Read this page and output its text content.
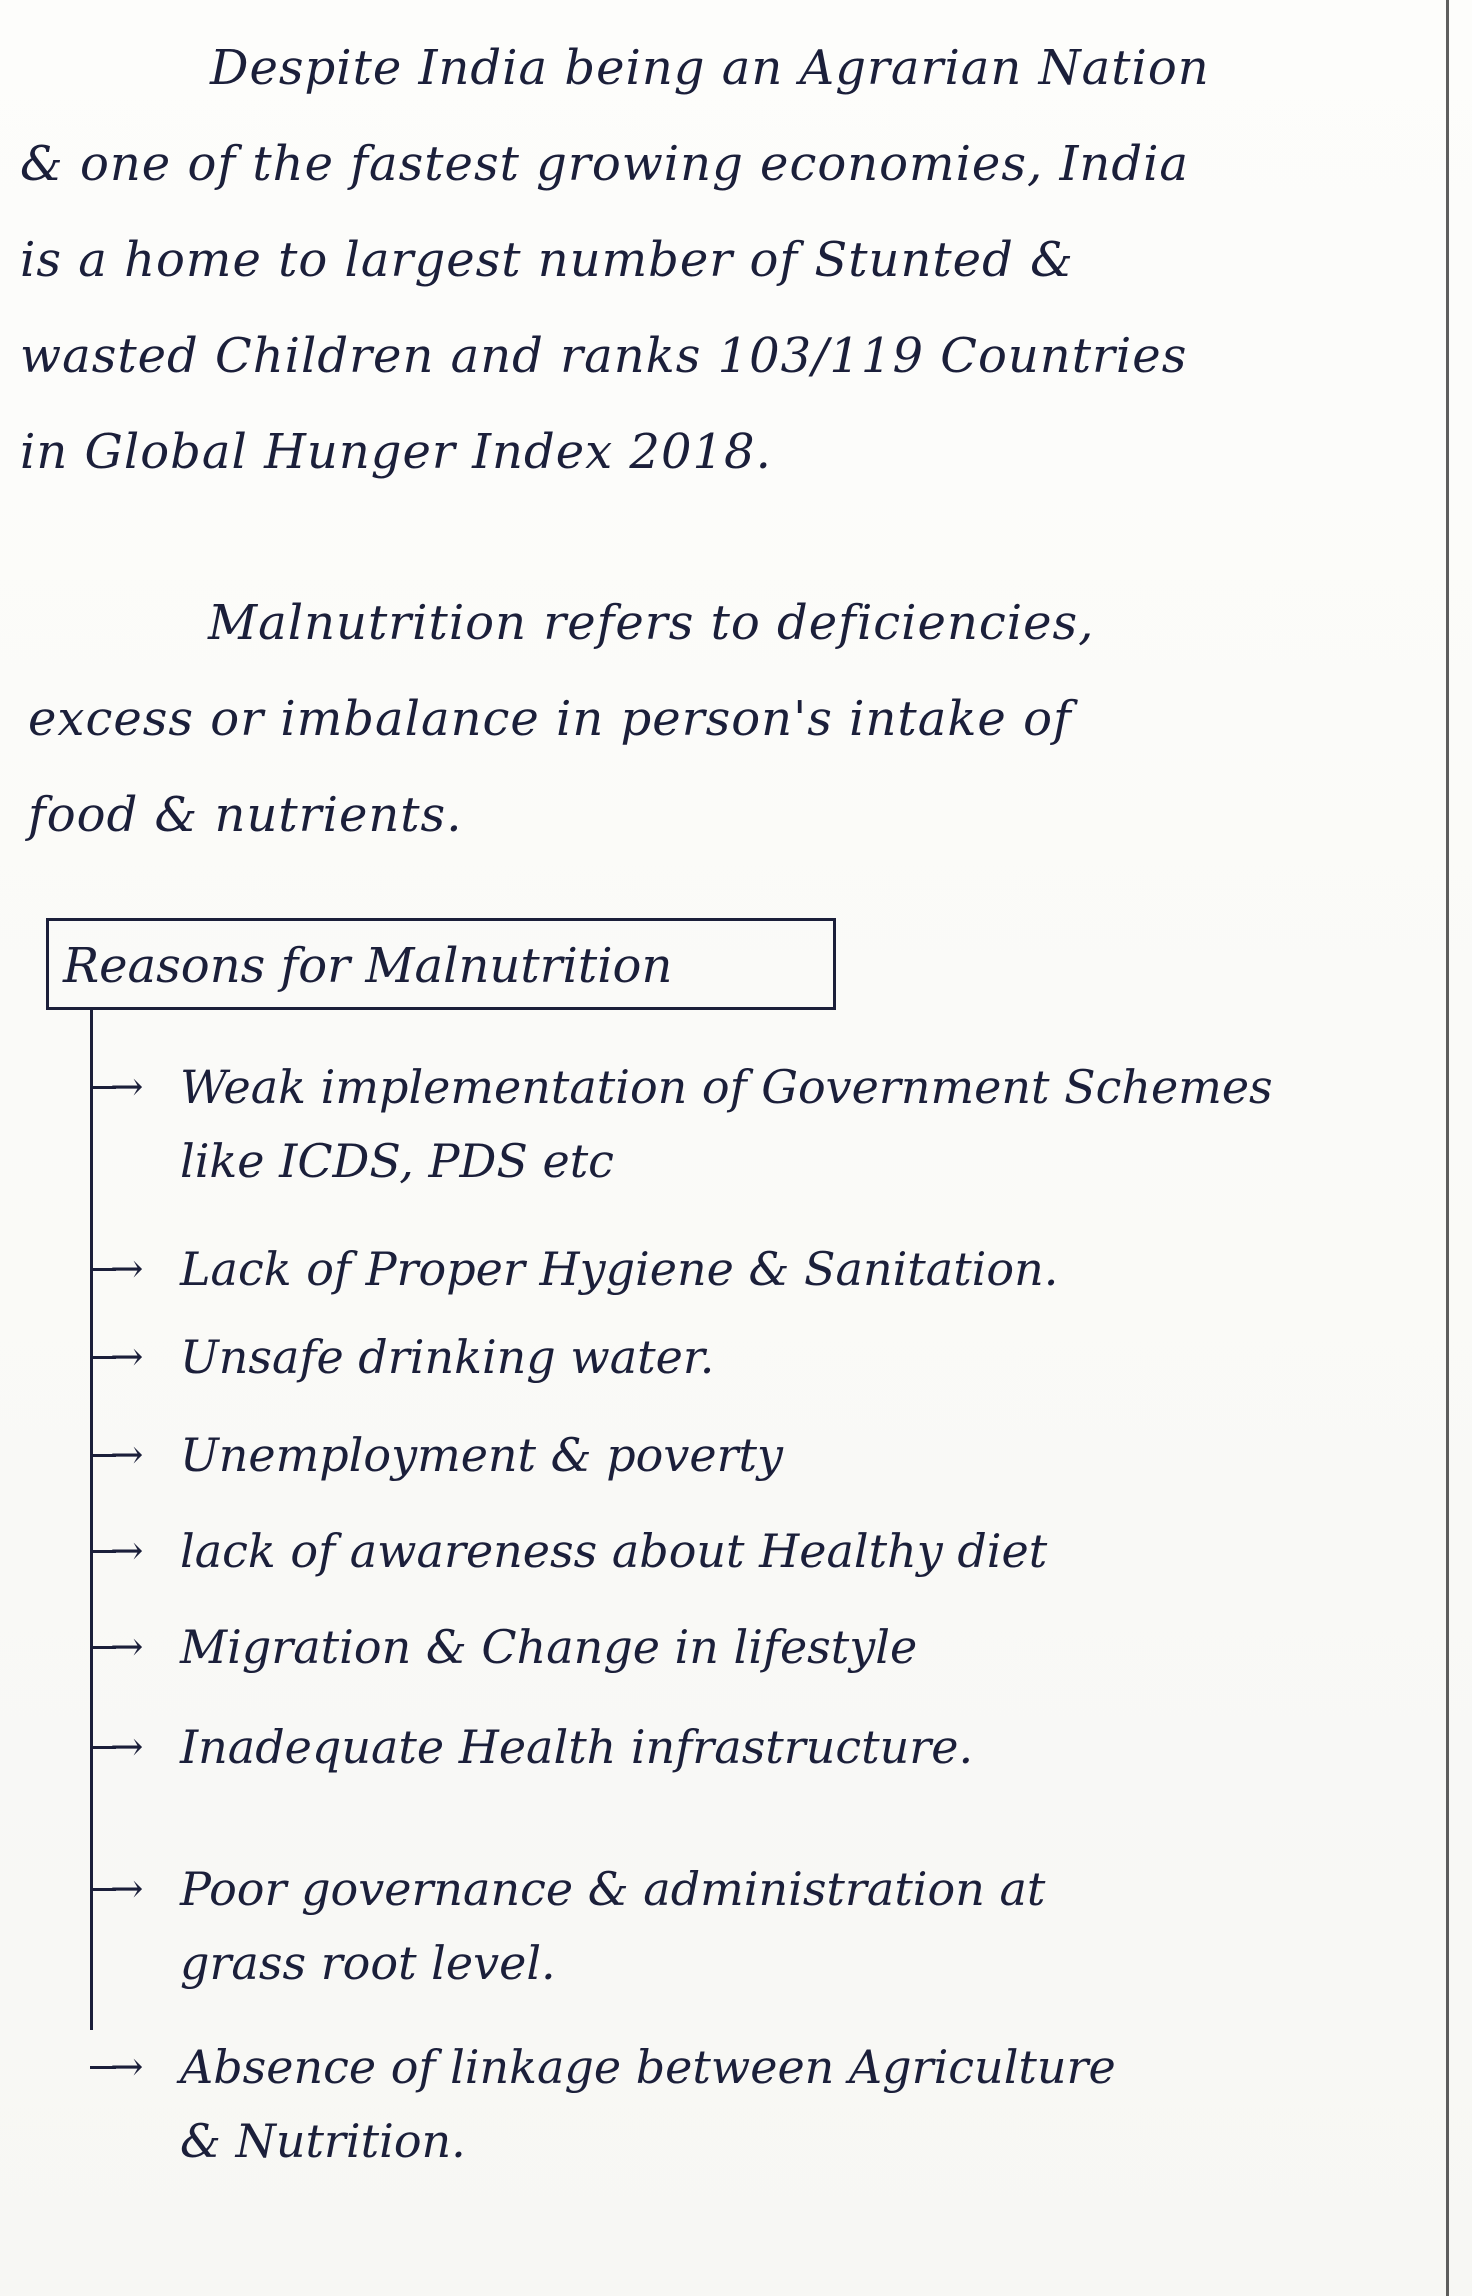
Despite India being an Agrarian Nation
& one of the fastest growing economies, India
is a home to largest number of Stunted &
wasted Children and ranks 103/119 Countries
in Global Hunger Index 2018.
Malnutrition refers to deficiencies,
excess or imbalance in person's intake of
food & nutrients.
Reasons for Malnutrition
→ Weak implementation of Government Schemes
like ICDS, PDS etc
→ Lack of Proper Hygiene & Sanitation.
→ Unsafe drinking water.
→ Unemployment & poverty
→ lack of awareness about Healthy diet
→ Migration & Change in lifestyle
→ Inadequate Health infrastructure.
→ Poor governance & administration at
grass root level.
→ Absence of linkage between Agriculture
& Nutrition.
